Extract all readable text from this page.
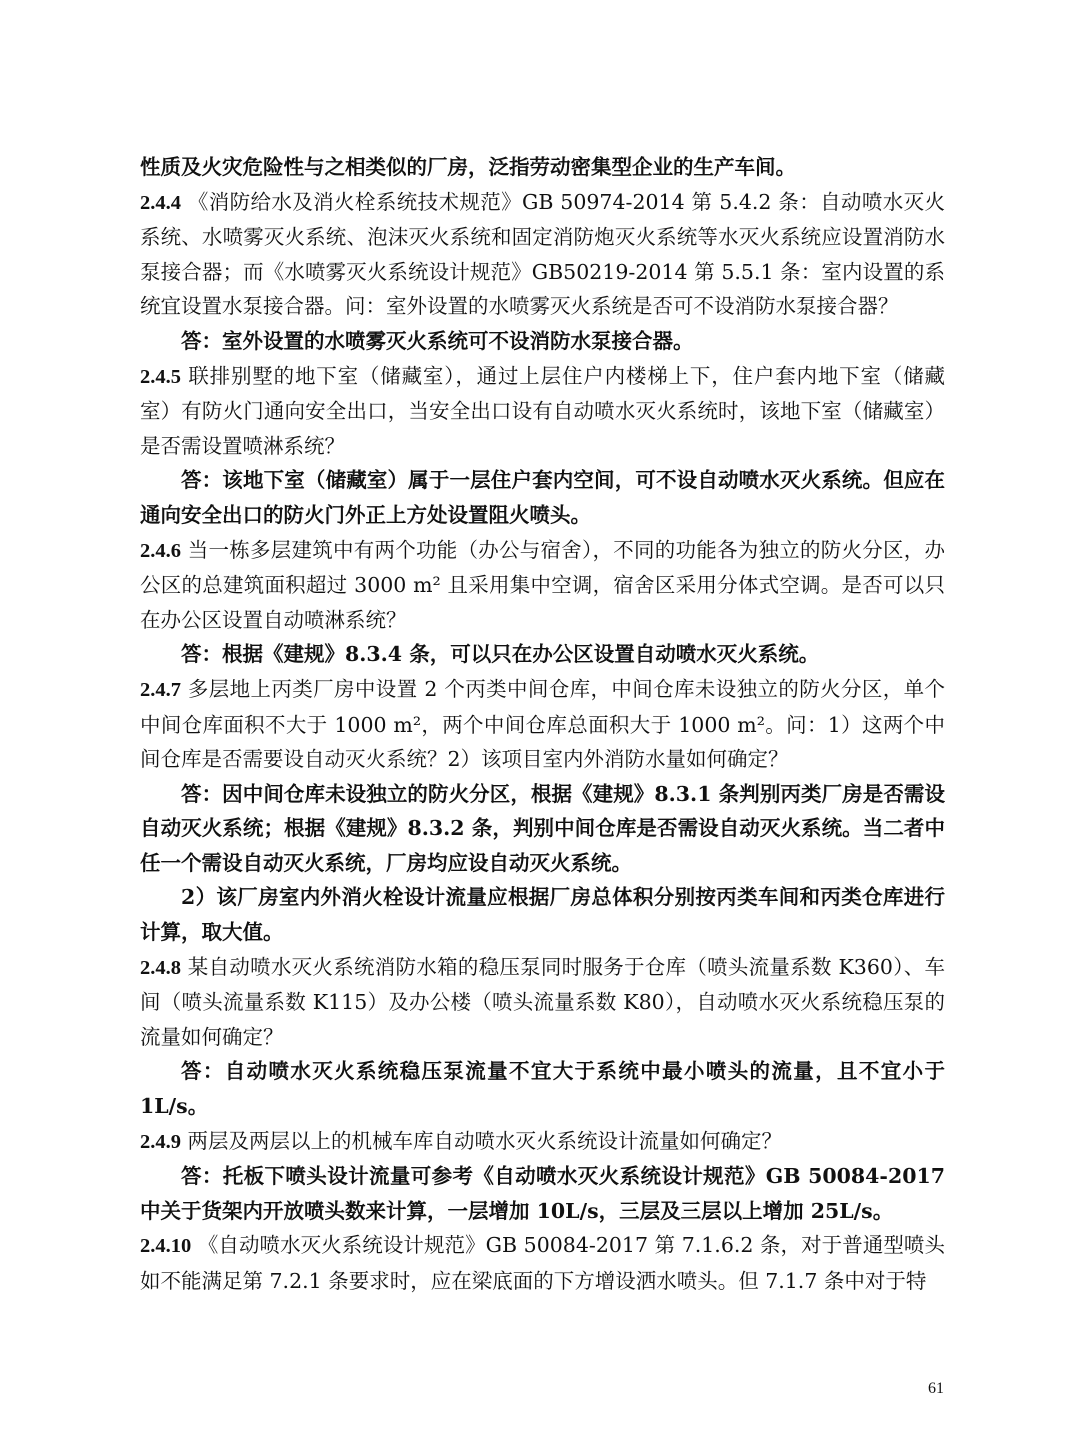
性质及火灾危险性与之相类似的厂房，泛指劳动密集型企业的生产车间。

2.4.4 《消防给水及消火栓系统技术规范》GB 50974-2014 第 5.4.2 条：自动喷水灭火系统、水喷雾灭火系统、泡沫灭火系统和固定消防炮灭火系统等水灭火系统应设置消防水泵接合器；而《水喷雾灭火系统设计规范》GB50219-2014 第 5.5.1 条：室内设置的系统宜设置水泵接合器。问：室外设置的水喷雾灭火系统是否可不设消防水泵接合器？

答：室外设置的水喷雾灭火系统可不设消防水泵接合器。

2.4.5 联排别墅的地下室（储藏室），通过上层住户内楼梯上下，住户套内地下室（储藏室）有防火门通向安全出口，当安全出口设有自动喷水灭火系统时，该地下室（储藏室）是否需设置喷淋系统？

答：该地下室（储藏室）属于一层住户套内空间，可不设自动喷水灭火系统。但应在通向安全出口的防火门外正上方处设置阻火喷头。

2.4.6 当一栋多层建筑中有两个功能（办公与宿舍），不同的功能各为独立的防火分区，办公区的总建筑面积超过 3000 m² 且采用集中空调，宿舍区采用分体式空调。是否可以只在办公区设置自动喷淋系统？

答：根据《建规》8.3.4 条，可以只在办公区设置自动喷水灭火系统。

2.4.7 多层地上丙类厂房中设置 2 个丙类中间仓库，中间仓库未设独立的防火分区，单个中间仓库面积不大于 1000 m²，两个中间仓库总面积大于 1000 m²。问：1）这两个中间仓库是否需要设自动灭火系统？2）该项目室内外消防水量如何确定？

答：因中间仓库未设独立的防火分区，根据《建规》8.3.1 条判别丙类厂房是否需设自动灭火系统；根据《建规》8.3.2 条，判别中间仓库是否需设自动灭火系统。当二者中任一个需设自动灭火系统，厂房均应设自动灭火系统。

2）该厂房室内外消火栓设计流量应根据厂房总体积分别按丙类车间和丙类仓库进行计算，取大值。

2.4.8 某自动喷水灭火系统消防水箱的稳压泵同时服务于仓库（喷头流量系数 K360）、车间（喷头流量系数 K115）及办公楼（喷头流量系数 K80），自动喷水灭火系统稳压泵的流量如何确定？

答：自动喷水灭火系统稳压泵流量不宜大于系统中最小喷头的流量，且不宜小于 1L/s。

2.4.9 两层及两层以上的机械车库自动喷水灭火系统设计流量如何确定？

答：托板下喷头设计流量可参考《自动喷水灭火系统设计规范》GB 50084-2017 中关于货架内开放喷头数来计算，一层增加 10L/s，三层及三层以上增加 25L/s。

2.4.10 《自动喷水灭火系统设计规范》GB 50084-2017 第 7.1.6.2 条，对于普通型喷头如不能满足第 7.2.1 条要求时，应在梁底面的下方增设洒水喷头。但 7.1.7 条中对于特

61
